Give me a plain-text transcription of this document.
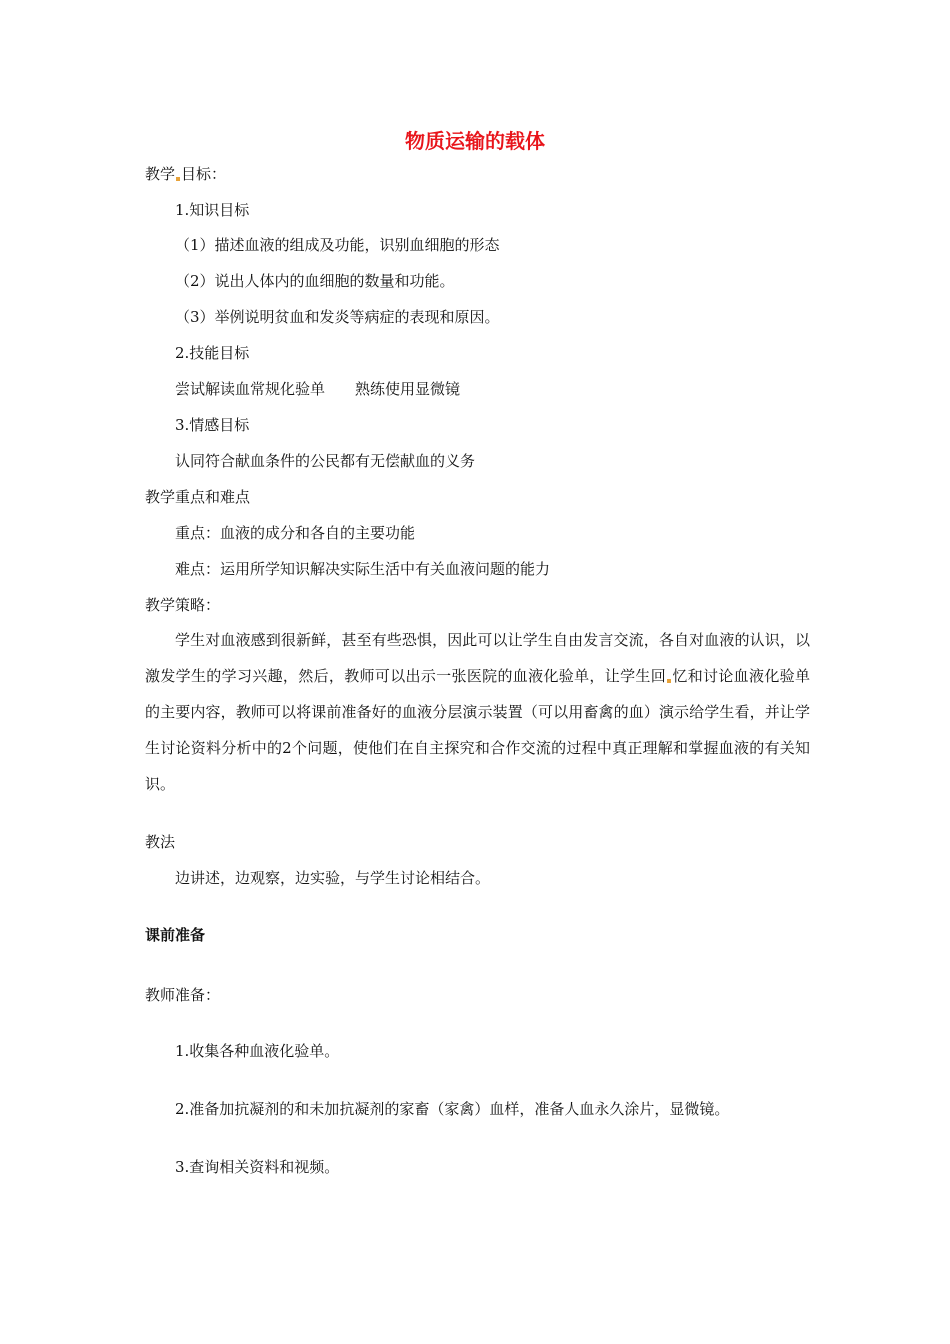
物质运输的载体
教学 目标：
1.知识目标
（1）描述血液的组成及功能，识别血细胞的形态
（2）说出人体内的血细胞的数量和功能。
（3）举例说明贫血和发炎等病症的表现和原因。
2.技能目标
尝试解读血常规化验单 熟练使用显微镜
3.情感目标
认同符合献血条件的公民都有无偿献血的义务
教学重点和难点
重点：血液的成分和各自的主要功能
难点：运用所学知识解决实际生活中有关血液问题的能力
教学策略：
学生对血液感到很新鲜，甚至有些恐惧，因此可以让学生自由发言交流，各自对血液的认识，以激发学生的学习兴趣，然后，教师可以出示一张医院的血液化验单，让学生回 忆和讨论血液化验单的主要内容，教师可以将课前准备好的血液分层演示装置（可以用畜禽的血）演示给学生看，并让学生讨论资料分析中的2个问题，使他们在自主探究和合作交流的过程中真正理解和掌握血液的有关知识。
教法
边讲述，边观察，边实验，与学生讨论相结合。
课前准备
教师准备：
1.收集各种血液化验单。
2.准备加抗凝剂的和未加抗凝剂的家畜（家禽）血样，准备人血永久涂片，显微镜。
3.查询相关资料和视频。
